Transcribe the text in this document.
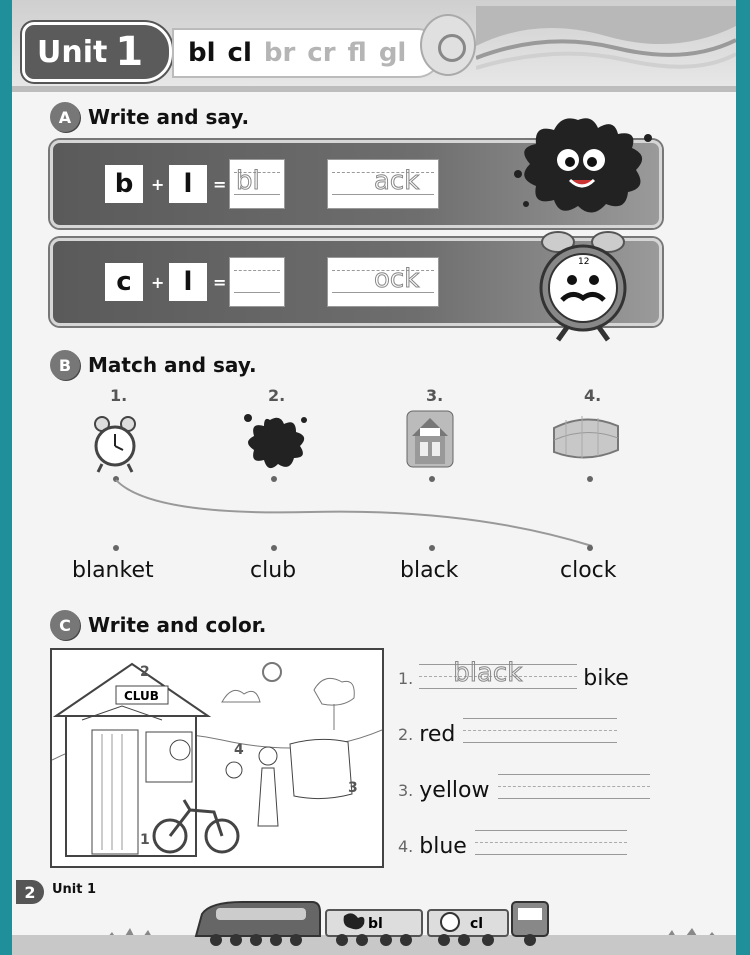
Unit 1 bl cl br cr fl gl
A Write and say.
b	+ l	= bl	ack
c	+ l	=	ock
12
B Match and say.
1.	2.	3.	4.
blanket	club	black	clock
C Write and color.
CLUB
2
4
3
1
1. black	bike
2. red
3. yellow
4. blue
2	Unit 1
bl	cl
